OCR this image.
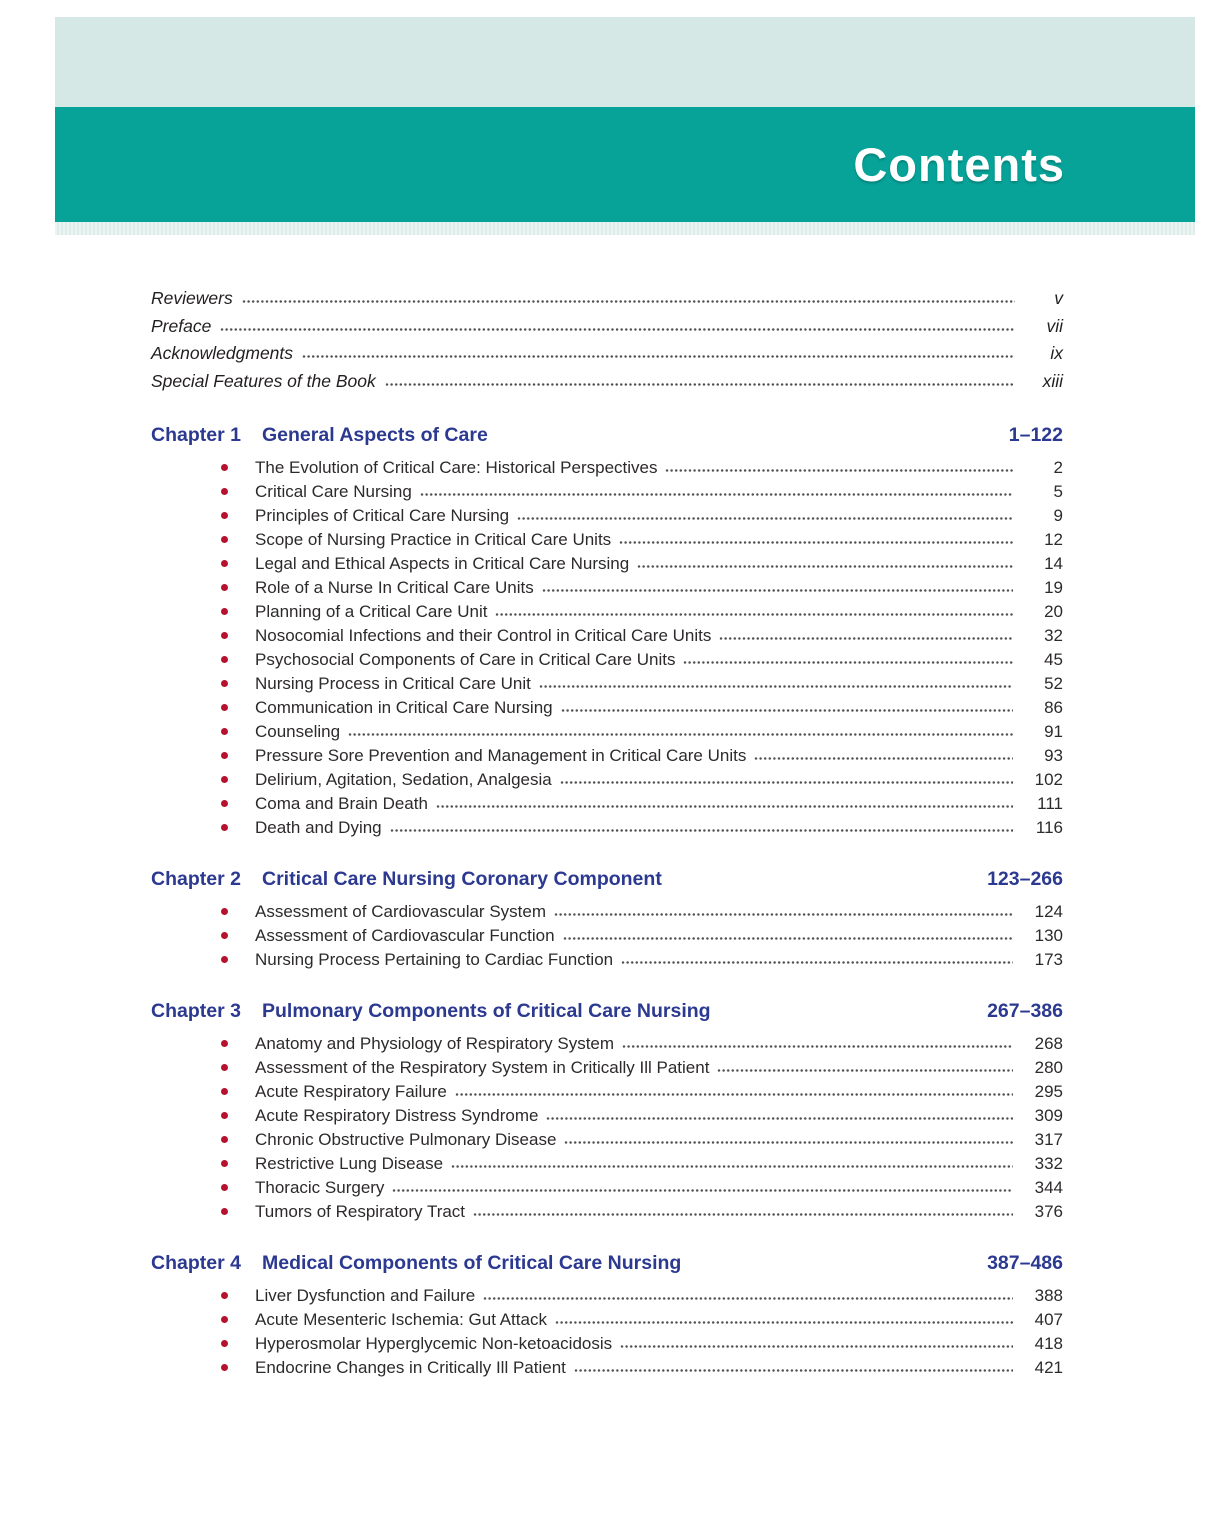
Contents
Reviewers	v
Preface	vii
Acknowledgments	ix
Special Features of the Book	xiii
Chapter 1	General Aspects of Care	1–122
The Evolution of Critical Care: Historical Perspectives	2
Critical Care Nursing	5
Principles of Critical Care Nursing	9
Scope of Nursing Practice in Critical Care Units	12
Legal and Ethical Aspects in Critical Care Nursing	14
Role of a Nurse In Critical Care Units	19
Planning of a Critical Care Unit	20
Nosocomial Infections and their Control in Critical Care Units	32
Psychosocial Components of Care in Critical Care Units	45
Nursing Process in Critical Care Unit	52
Communication in Critical Care Nursing	86
Counseling	91
Pressure Sore Prevention and Management in Critical Care Units	93
Delirium, Agitation, Sedation, Analgesia	102
Coma and Brain Death	111
Death and Dying	116
Chapter 2	Critical Care Nursing Coronary Component	123–266
Assessment of Cardiovascular System	124
Assessment of Cardiovascular Function	130
Nursing Process Pertaining to Cardiac Function	173
Chapter 3	Pulmonary Components of Critical Care Nursing	267–386
Anatomy and Physiology of Respiratory System	268
Assessment of the Respiratory System in Critically Ill Patient	280
Acute Respiratory Failure	295
Acute Respiratory Distress Syndrome	309
Chronic Obstructive Pulmonary Disease	317
Restrictive Lung Disease	332
Thoracic Surgery	344
Tumors of Respiratory Tract	376
Chapter 4	Medical Components of Critical Care Nursing	387–486
Liver Dysfunction and Failure	388
Acute Mesenteric Ischemia: Gut Attack	407
Hyperosmolar Hyperglycemic Non-ketoacidosis	418
Endocrine Changes in Critically Ill Patient	421
